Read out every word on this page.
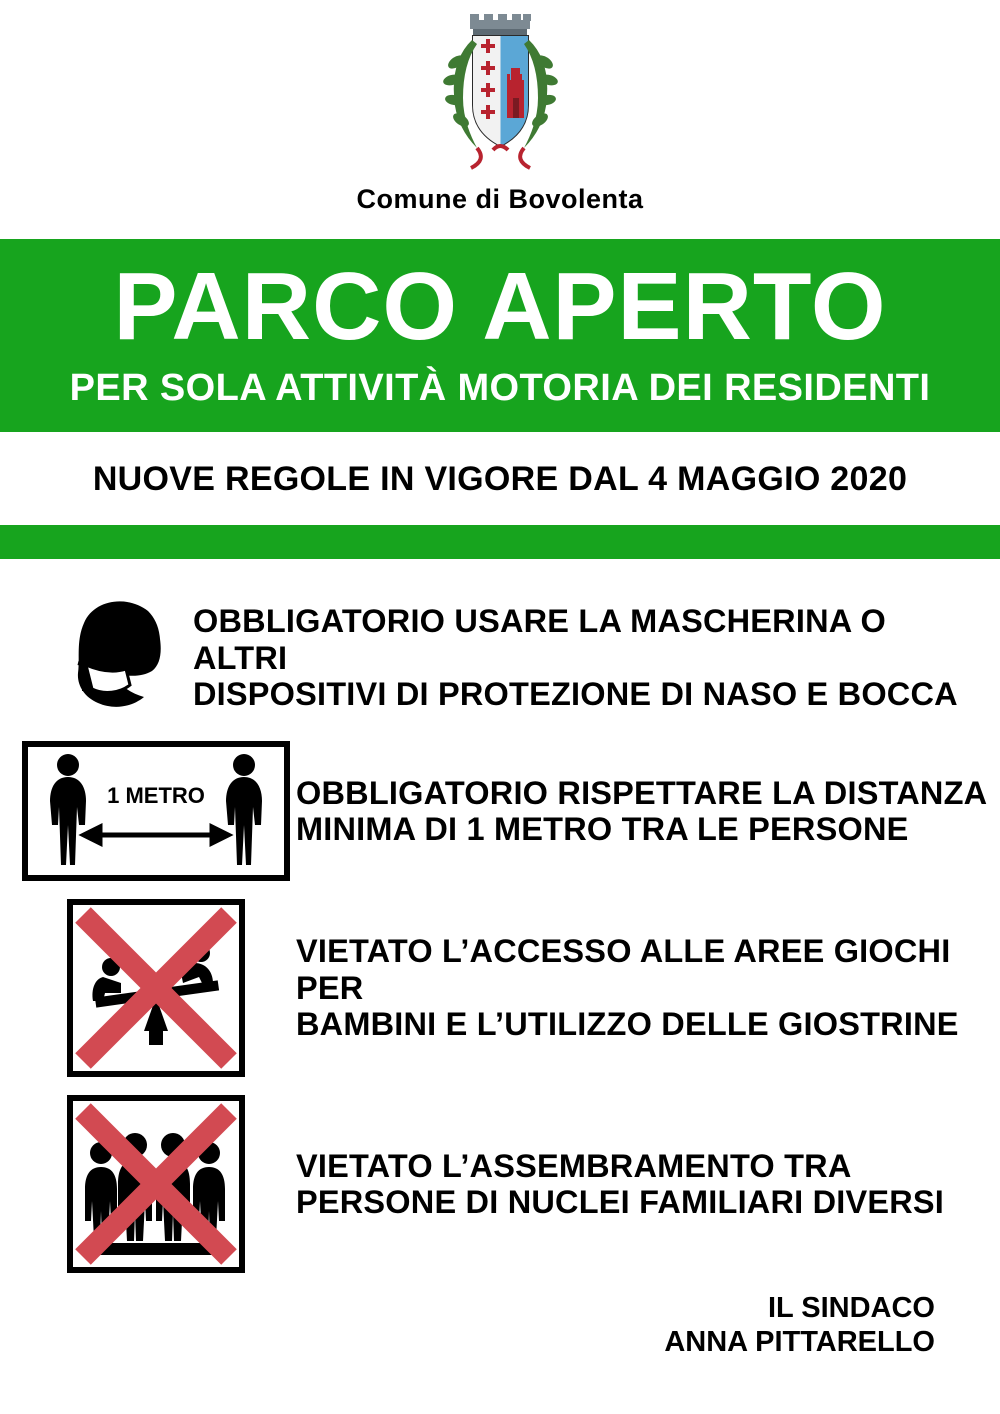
Comune di Bovolenta
PARCO APERTO
PER SOLA ATTIVITÀ MOTORIA DEI RESIDENTI
NUOVE REGOLE IN VIGORE DAL 4 MAGGIO 2020
OBBLIGATORIO USARE LA MASCHERINA O ALTRI
DISPOSITIVI DI PROTEZIONE DI NASO E BOCCA
1 METRO	OBBLIGATORIO RISPETTARE LA DISTANZA
MINIMA DI 1 METRO TRA LE PERSONE
VIETATO L’ACCESSO ALLE AREE GIOCHI PER
BAMBINI E L’UTILIZZO DELLE GIOSTRINE
VIETATO L’ASSEMBRAMENTO TRA
PERSONE DI NUCLEI FAMILIARI DIVERSI
IL SINDACO
ANNA PITTARELLO
